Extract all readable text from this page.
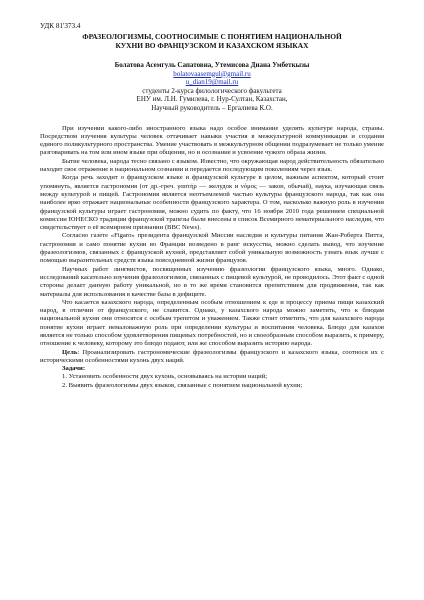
УДК 81'373.4
ФРАЗЕОЛОГИЗМЫ, СООТНОСИМЫЕ С ПОНЯТИЕМ НАЦИОНАЛЬНОЙ
КУХНИ ВО ФРАНЦУЗСКОМ И КАЗАХСКОМ ЯЗЫКАХ
Болатова Асемгуль Сапатовна, Утемисова Диана Умбеткызы
bolatovaasemgul@gmail.ru
u_dian19@mail.ru
студенты 2-курса филологического факультета
ЕНУ им. Л.Н. Гумилева, г. Нур-Султан, Казахстан,
Научный руководитель – Ергалиева К.О.

При изучении какого-либо иностранного языка надо особое внимание уделять культуре народа, страны. Посредством изучения культуры человек оттачивает навыки участия в межкультурной коммуникации и создания единого поликультурного пространства. Умение участвовать в межкультурном общении подразумевает не только умение разговаривать на том или ином языке при общении, но и осознание и усвоение чужого образа жизни.

Бытие человека, народа тесно связано с языком. Известно, что окружающая народ действительность обязательно находит свое отражение в национальном сознании и передается последующим поколениям через язык.

Когда речь заходит о французском языке и французской культуре в целом, важным аспектом, который стоит упомянуть, является гастрономия (от др.-греч. γαστήρ — желудок и νόμος — закон, обычай), наука, изучающая связь между культурой и пищей. Гастрономия является неотъемлемой частью культуры французского народа, так как она наиболее ярко отражает национальные особенности французского характера. О том, насколько важную роль в изучении французской культуры играет гастрономия, можно судить по факту, что 16 ноября 2010 года решением специальной комиссии ЮНЕСКО традиции французской трапезы были внесены в список Всемирного нематериального наследия, что свидетельствует о её всемирном признании (BBC News).

Согласно газете «Figaro» президента французской Миссии наследия и культуры питания Жан-Роберта Питта, гастрономия и само понятие кухни во Франции возведено в ранг искусства, можно сделать вывод, что изучение фразеологизмов, связанных с французской кухней, представляет собой уникальную возможность узнать язык лучше с помощью выразительных средств языка повседневной жизни французов.

Научных работ лингвистов, посвященных изучению фразеологии французского языка, много. Однако, исследований касательно изучения фразеологизмов, связанных с пищевой культурой, не проводилось. Этот факт с одной стороны делает данную работу уникальной, но в то же время становится препятствием для продвижения, так как материалы для использования в качестве базы в дефиците.

Что касается казахского народа, определенным особым отношением к еде и процессу приема пищи казахский народ, в отличии от французского, не славится. Однако, у казахского народа можно заметить, что к блюдам национальной кухни они относятся с особым трепетом и уважением. Также стоит отметить, что для казахского народа понятие кухни играет немаловажную роль при определении культуры и воспитания человека. Блюдо для казахов является не только способом удовлетворения пищевых потребностей, но и своеобразным способом выразить, к примеру, отношение к человеку, которому это блюдо подают, или же способом выразить историю народа.

Цель: Проанализировать гастрономические фразеологизмы французского и казахского языка, соотнося их с историческими особенностями кухонь двух наций.

Задачи:

1. Установить особенности двух кухонь, основываясь на истории наций;

2. Выявить фразеологизмы двух языков, связанные с понятием национальной кухни;
